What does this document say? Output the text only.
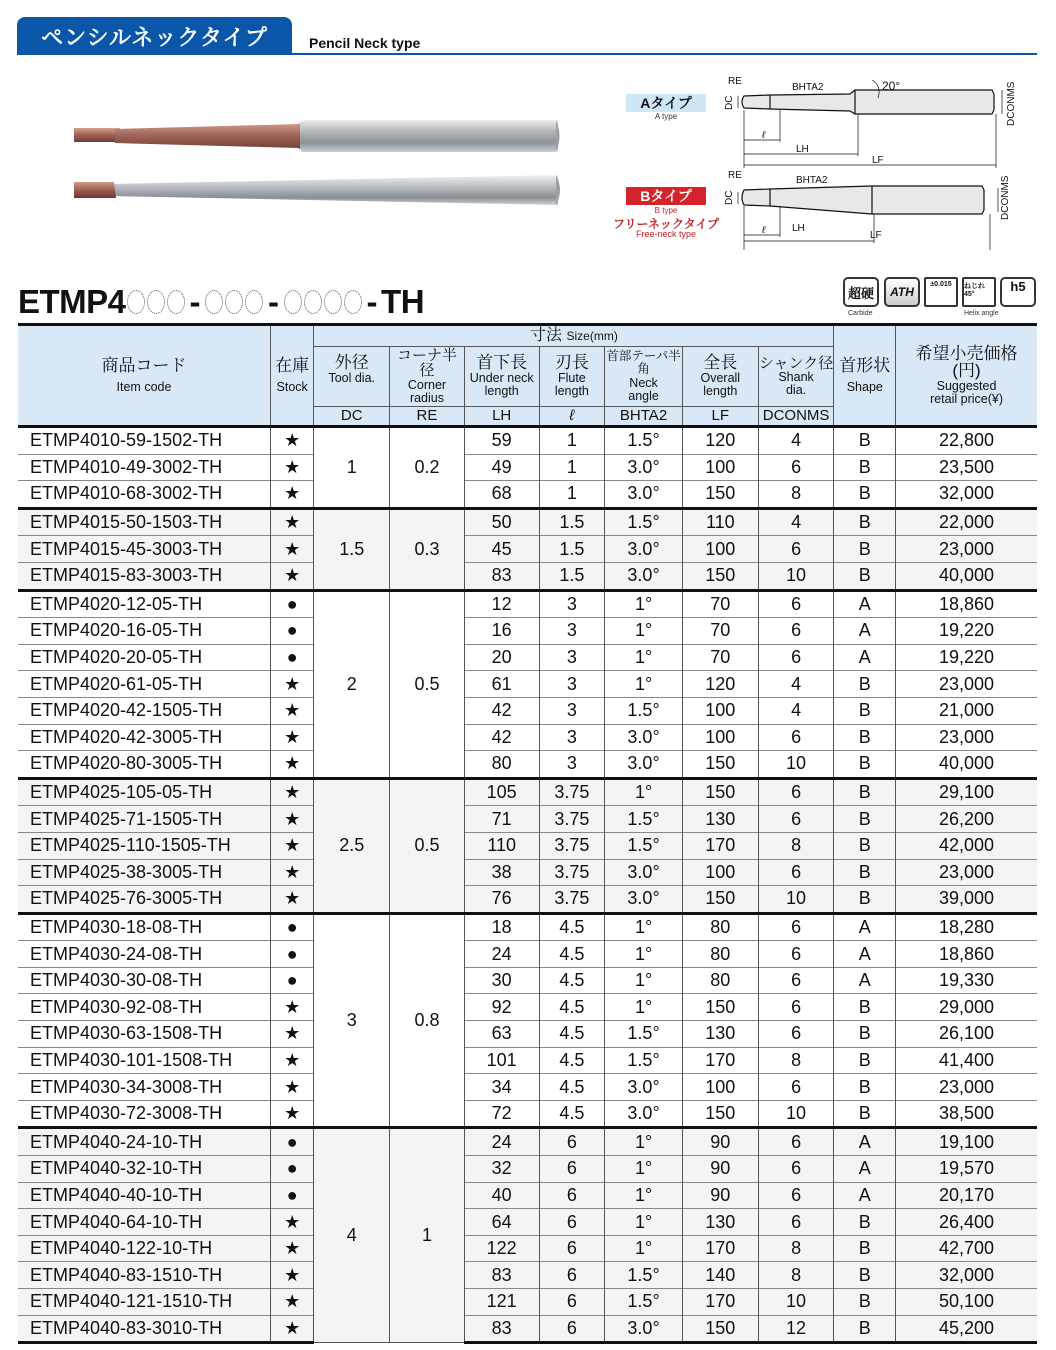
ペンシルネックタイプ	Pencil Neck type
Aタイプ
A type
Bタイプ
B type
フリーネックタイプ
Free-neck type
RE
BHTA2	20°
ℓ
LH
LF
DC	DCONMS
RE	BHTA2
ℓ	LH
LF
DC	DCONMS
ETMP4 - -	- TH	超硬
Carbide
ATH
±0.015 ねじれ45°
Helix angle
h5
商品コード
Item code	在庫
Stock	寸法 Size(mm)							首形状
Shape	希望小売価格
(円)
Suggested
retail price(¥)

		外径
Tool dia.	コーナ半径
Corner
radius	首下長
Under neck
length	刃長
Flute
length	首部テーパ半角
Neck
angle	全長
Overall
length	シャンク径
Shank
dia.		

		DC	RE	LH	ℓ	BHTA2	LF	DCONMS		
ETMP4010-59-1502-TH	★	1	0.2	59	1	1.5°	120	4	B	22,800
ETMP4010-49-3002-TH	★			49	1	3.0°	100	6	B	23,500
ETMP4010-68-3002-TH	★			68	1	3.0°	150	8	B	32,000
ETMP4015-50-1503-TH	★	1.5	0.3	50	1.5	1.5°	110	4	B	22,000
ETMP4015-45-3003-TH	★			45	1.5	3.0°	100	6	B	23,000
ETMP4015-83-3003-TH	★			83	1.5	3.0°	150	10	B	40,000
ETMP4020-12-05-TH	●	2	0.5	12	3	1°	70	6	A	18,860
ETMP4020-16-05-TH	●			16	3	1°	70	6	A	19,220
ETMP4020-20-05-TH	●			20	3	1°	70	6	A	19,220
ETMP4020-61-05-TH	★			61	3	1°	120	4	B	23,000
ETMP4020-42-1505-TH	★			42	3	1.5°	100	4	B	21,000
ETMP4020-42-3005-TH	★			42	3	3.0°	100	6	B	23,000
ETMP4020-80-3005-TH	★			80	3	3.0°	150	10	B	40,000
ETMP4025-105-05-TH	★	2.5	0.5	105	3.75	1°	150	6	B	29,100
ETMP4025-71-1505-TH	★			71	3.75	1.5°	130	6	B	26,200
ETMP4025-110-1505-TH	★			110	3.75	1.5°	170	8	B	42,000
ETMP4025-38-3005-TH	★			38	3.75	3.0°	100	6	B	23,000
ETMP4025-76-3005-TH	★			76	3.75	3.0°	150	10	B	39,000
ETMP4030-18-08-TH	●	3	0.8	18	4.5	1°	80	6	A	18,280
ETMP4030-24-08-TH	●			24	4.5	1°	80	6	A	18,860
ETMP4030-30-08-TH	●			30	4.5	1°	80	6	A	19,330
ETMP4030-92-08-TH	★			92	4.5	1°	150	6	B	29,000
ETMP4030-63-1508-TH	★			63	4.5	1.5°	130	6	B	26,100
ETMP4030-101-1508-TH	★			101	4.5	1.5°	170	8	B	41,400
ETMP4030-34-3008-TH	★			34	4.5	3.0°	100	6	B	23,000
ETMP4030-72-3008-TH	★			72	4.5	3.0°	150	10	B	38,500
ETMP4040-24-10-TH	●	4	1	24	6	1°	90	6	A	19,100
ETMP4040-32-10-TH	●			32	6	1°	90	6	A	19,570
ETMP4040-40-10-TH	●			40	6	1°	90	6	A	20,170
ETMP4040-64-10-TH	★			64	6	1°	130	6	B	26,400
ETMP4040-122-10-TH	★			122	6	1°	170	8	B	42,700
ETMP4040-83-1510-TH	★			83	6	1.5°	140	8	B	32,000
ETMP4040-121-1510-TH	★			121	6	1.5°	170	10	B	50,100
ETMP4040-83-3010-TH	★			83	6	3.0°	150	12	B	45,200
